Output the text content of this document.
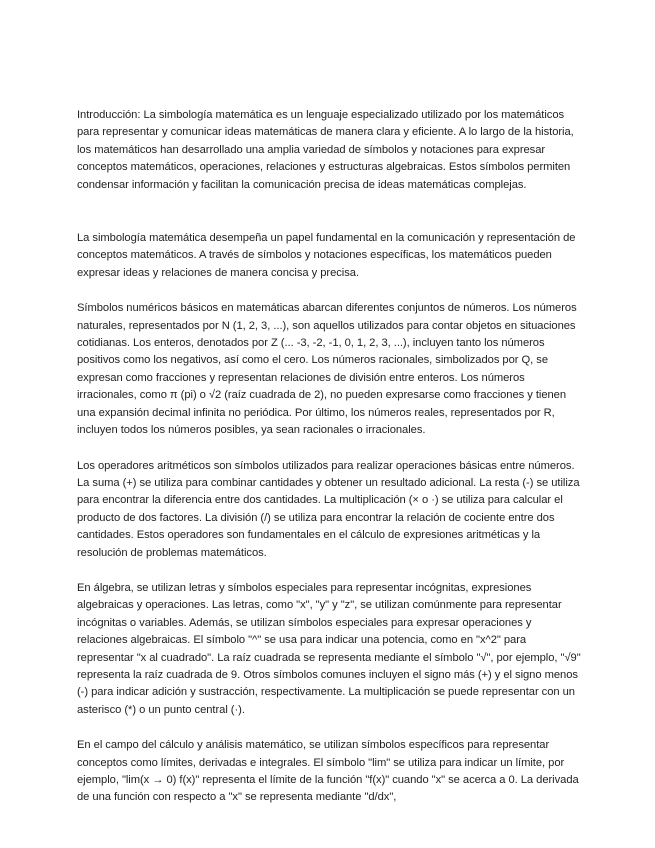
Introducción: La simbología matemática es un lenguaje especializado utilizado por los matemáticos para representar y comunicar ideas matemáticas de manera clara y eficiente. A lo largo de la historia, los matemáticos han desarrollado una amplia variedad de símbolos y notaciones para expresar conceptos matemáticos, operaciones, relaciones y estructuras algebraicas. Estos símbolos permiten condensar información y facilitan la comunicación precisa de ideas matemáticas complejas.

La simbología matemática desempeña un papel fundamental en la comunicación y representación de conceptos matemáticos. A través de símbolos y notaciones específicas, los matemáticos pueden expresar ideas y relaciones de manera concisa y precisa.

Símbolos numéricos básicos en matemáticas abarcan diferentes conjuntos de números. Los números naturales, representados por N (1, 2, 3, ...), son aquellos utilizados para contar objetos en situaciones cotidianas. Los enteros, denotados por Z (... -3, -2, -1, 0, 1, 2, 3, ...), incluyen tanto los números positivos como los negativos, así como el cero. Los números racionales, simbolizados por Q, se expresan como fracciones y representan relaciones de división entre enteros. Los números irracionales, como π (pi) o √2 (raíz cuadrada de 2), no pueden expresarse como fracciones y tienen una expansión decimal infinita no periódica. Por último, los números reales, representados por R, incluyen todos los números posibles, ya sean racionales o irracionales.

Los operadores aritméticos son símbolos utilizados para realizar operaciones básicas entre números. La suma (+) se utiliza para combinar cantidades y obtener un resultado adicional. La resta (-) se utiliza para encontrar la diferencia entre dos cantidades. La multiplicación (× o ·) se utiliza para calcular el producto de dos factores. La división (/) se utiliza para encontrar la relación de cociente entre dos cantidades. Estos operadores son fundamentales en el cálculo de expresiones aritméticas y la resolución de problemas matemáticos.

En álgebra, se utilizan letras y símbolos especiales para representar incógnitas, expresiones algebraicas y operaciones. Las letras, como "x", "y" y "z", se utilizan comúnmente para representar incógnitas o variables. Además, se utilizan símbolos especiales para expresar operaciones y relaciones algebraicas. El símbolo "^" se usa para indicar una potencia, como en "x^2" para representar "x al cuadrado". La raíz cuadrada se representa mediante el símbolo "√", por ejemplo, "√9" representa la raíz cuadrada de 9. Otros símbolos comunes incluyen el signo más (+) y el signo menos (-) para indicar adición y sustracción, respectivamente. La multiplicación se puede representar con un asterisco (*) o un punto central (·).

En el campo del cálculo y análisis matemático, se utilizan símbolos específicos para representar conceptos como límites, derivadas e integrales. El símbolo "lim" se utiliza para indicar un límite, por ejemplo, "lim(x → 0) f(x)" representa el límite de la función "f(x)" cuando "x" se acerca a 0. La derivada de una función con respecto a "x" se representa mediante "d/dx",
